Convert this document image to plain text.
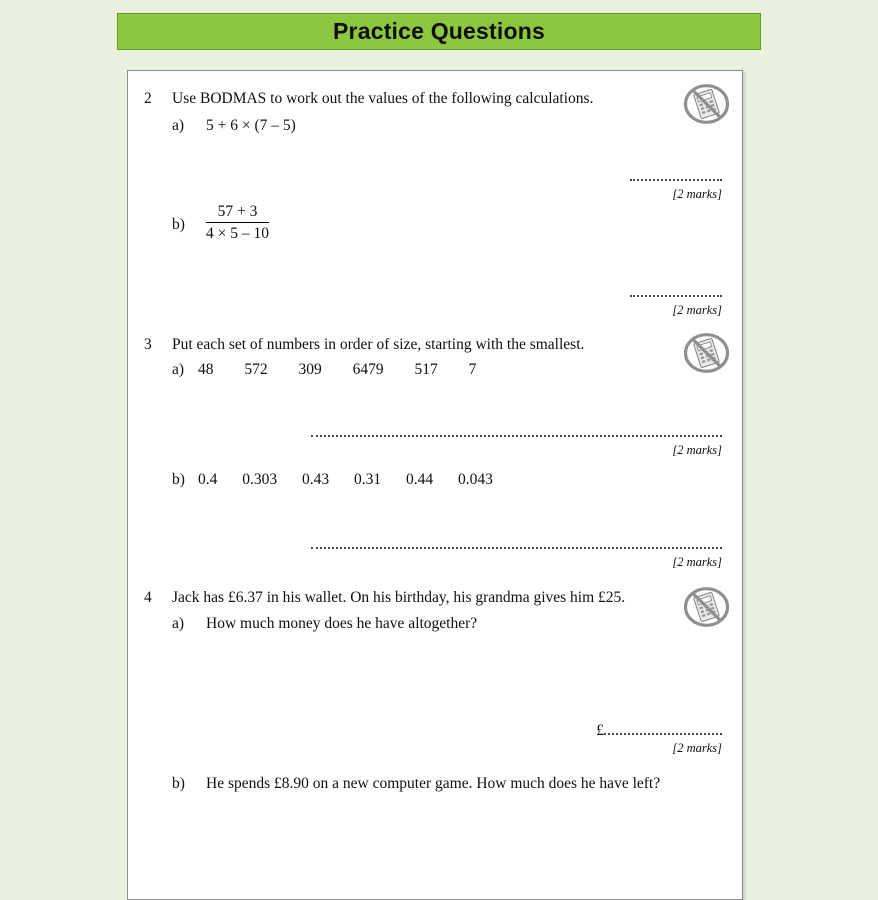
Practice Questions
2 Use BODMAS to work out the values of the following calculations.
a) 5 + 6 × (7 – 5)
[2 marks]
$b) \frac{57 + 3}{4 \times 5 - 10}$
[2 marks]
3 Put each set of numbers in order of size, starting with the smallest.
a) 48 572 309 6479 517 7
[2 marks]
b) 0.4 0.303 0.43 0.31 0.44 0.043
[2 marks]
4 Jack has £6.37 in his wallet. On his birthday, his grandma gives him £25.
a) How much money does he have altogether?
£
[2 marks]
b) He spends £8.90 on a new computer game. How much does he have left?
